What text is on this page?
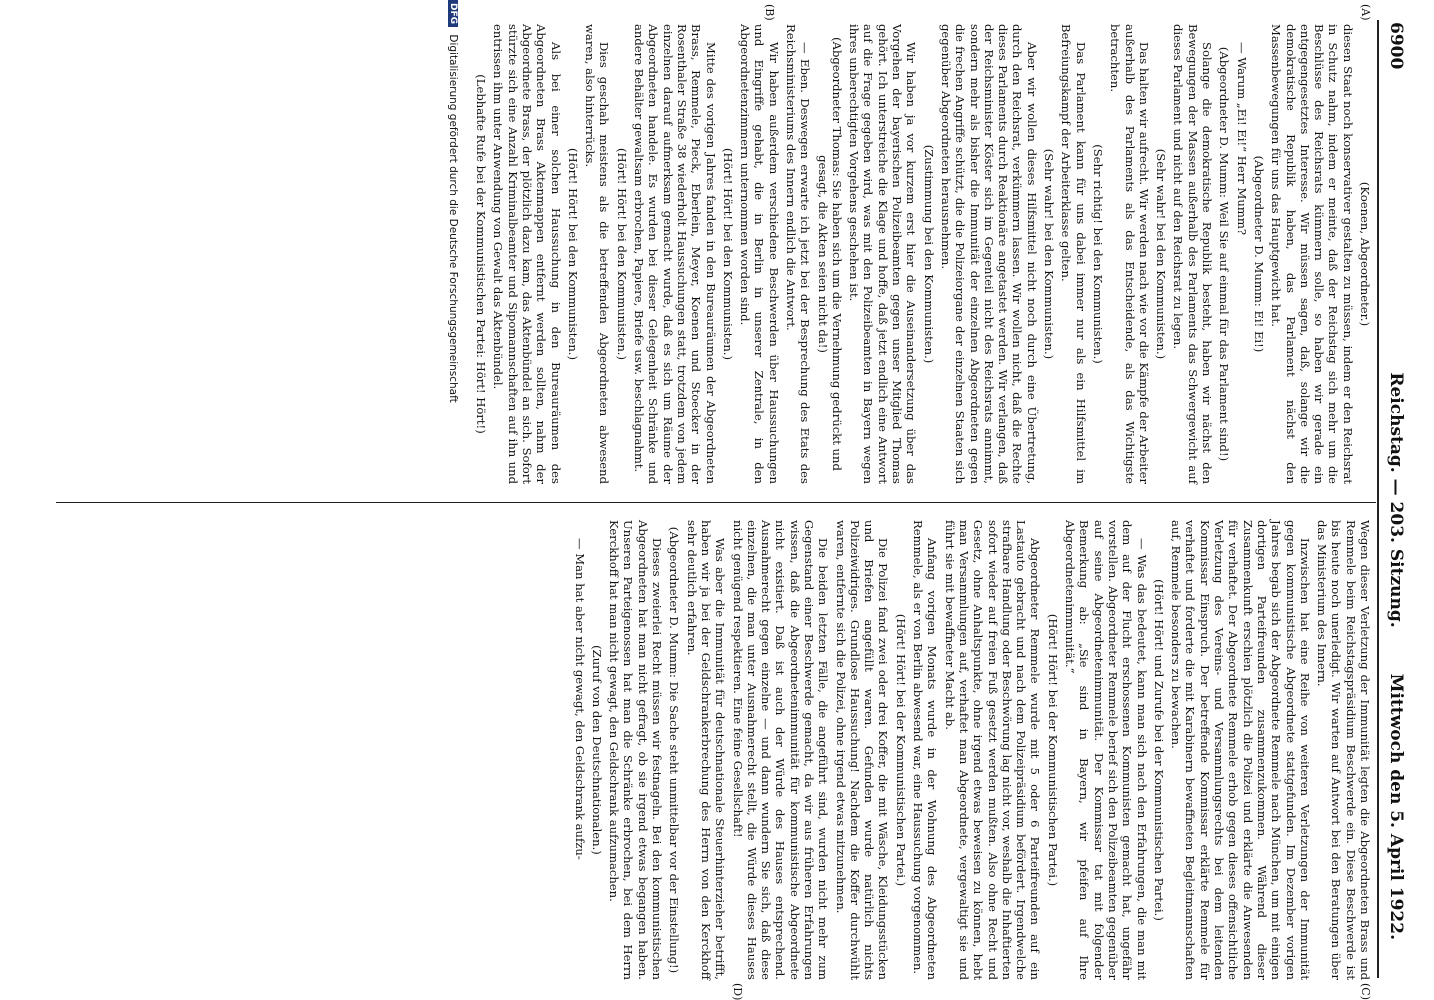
6900
Reichstag. — 203. Sitzung.
Mittwoch den 5. April 1922.
(A)
(B)
(C)
(D)

(Koenen, Abgeordneter.)

diesen Staat noch konservativer gestalten zu müssen, indem er den Reichsrat in Schutz nahm, indem er meinte, daß der Reichstag sich mehr um die Beschlüsse des Reichsrats kümmern solle, so haben wir gerade ein entgegengesetztes Interesse. Wir müssen sagen, daß, solange wir die demokratische Republik haben, das Parlament nächst den Massenbewegungen für uns das Hauptgewicht hat.

(Abgeordneter D. Mumm: Ei! Ei!)

— Warum „Ei! Ei!“ Herr Mumm?

(Abgeordneter D. Mumm: Weil Sie auf einmal für das Parlament sind!)

Solange die demokratische Republik besteht, haben wir nächst den Bewegungen der Massen außerhalb des Parlaments das Schwergewicht auf dieses Parlament und nicht auf den Reichsrat zu legen.

(Sehr wahr! bei den Kommunisten.)

Das halten wir aufrecht. Wir werden nach wie vor die Kämpfe der Arbeiter außerhalb des Parlaments als das Entscheidende, als das Wichtigste betrachten.

(Sehr richtig! bei den Kommunisten.)

Das Parlament kann für uns dabei immer nur als ein Hilfsmittel im Befreiungskampf der Arbeiterklasse gelten.

(Sehr wahr! bei den Kommunisten.)

Aber wir wollen dieses Hilfsmittel nicht noch durch eine Übertretung, durch den Reichsrat, verkümmern lassen. Wir wollen nicht, daß die Rechte dieses Parlaments durch Reaktionäre angetastet werden. Wir verlangen, daß der Reichsminister Köster sich im Gegenteil nicht des Reichsrats annimmt, sondern mehr als bisher die Immunität der einzelnen Abgeordneten gegen die frechen Angriffe schützt, die die Polizeiorgane der einzelnen Staaten sich gegenüber Abgeordneten herausnehmen.

(Zustimmung bei den Kommunisten.)

Wir haben ja vor kurzem erst hier die Auseinandersetzung über das Vorgehen der bayerischen Polizeibeamten gegen unser Mitglied Thomas gehört. Ich unterstreiche die Klage und hoffe, daß jetzt endlich eine Antwort auf die Frage gegeben wird, was mit den Polizeibeamten in Bayern wegen ihres unberechtigten Vorgehens geschehen ist.

(Abgeordneter Thomas: Sie haben sich um die Vernehmung gedrückt und gesagt, die Akten seien nicht da!)

— Eben. Deswegen erwarte ich jetzt bei der Besprechung des Etats des Reichsministeriums des Innern endlich die Antwort.

Wir haben außerdem verschiedene Beschwerden über Haussuchungen und Eingriffe gehabt, die in Berlin in unserer Zentrale, in den Abgeordnetenzimmern unternommen worden sind.

(Hört! Hört! bei den Kommunisten.)

Mitte des vorigen Jahres fanden in den Bureauräumen der Abgeordneten Brass, Remmele, Pieck, Eberlein, Meyer, Koenen und Stoecker in der Rosenthaler Straße 38 wiederholt Haussuchungen statt, trotzdem von jedem einzelnen darauf aufmerksam gemacht wurde, daß es sich um Räume der Abgeordneten handele. Es wurden bei dieser Gelegenheit Schränke und andere Behälter gewaltsam erbrochen, Papiere, Briefe usw. beschlagnahmt.

(Hört! Hört! bei den Kommunisten.)

Dies geschah meistens als die betreffenden Abgeordneten abwesend waren, also hinterrücks.

(Hört! Hört! bei den Kommunisten.)

Als bei einer solchen Haussuchung in den Bureauräumen des Abgeordneten Brass Aktenmappen entfernt werden sollten, nahm der Abgeordnete Brass, der plötzlich dazu kam, das Aktenbündel an sich. Sofort stürzte sich eine Anzahl Kriminalbeamter und Sipomannschaften auf ihn und entrissen ihm unter Anwendung von Gewalt das Aktenbündel.

(Lebhafte Rufe bei der Kommunistischen Partei: Hört! Hört!)

Wegen dieser Verletzung der Immunität legten die Abgeordneten Brass und Remmele beim Reichstagspräsidium Beschwerde ein. Diese Beschwerde ist bis heute noch unerledigt. Wir warten auf Antwort bei den Beratungen über das Ministerium des Innern.

Inzwischen hat eine Reihe von weiteren Verletzungen der Immunität gegen kommunistische Abgeordnete stattgefunden. Im Dezember vorigen Jahres begab sich der Abgeordnete Remmele nach München, um mit einigen dortigen Parteifreunden zusammenzukommen. Während dieser Zusammenkunft erschien plötzlich die Polizei und erklärte die Anwesenden für verhaftet. Der Abgeordnete Remmele erhob gegen dieses offensichtliche Verletzung des Vereins- und Versammlungsrechts bei dem leitenden Kommissar Einspruch. Der betreffende Kommissar erklärte Remmele für verhaftet und forderte die mit Karabinern bewaffneten Begleitmannschaften auf, Remmele besonders zu bewachen.

(Hört! Hört! und Zurufe bei der Kommunistischen Partei.)

— Was das bedeutet, kann man sich nach den Erfahrungen, die man mit dem auf der Flucht erschossenen Kommunisten gemacht hat, ungefähr vorstellen. Abgeordneter Remmele berief sich den Polizeibeamten gegenüber auf seine Abgeordnetenimmunität. Der Kommissar tat mit folgender Bemerkung ab: „Sie sind in Bayern, wir pfeifen auf Ihre Abgeordnetenimmunität.“

(Hört! Hört! bei der Kommunistischen Partei.)

Abgeordneter Remmele wurde mit 5 oder 6 Parteifreunden auf ein Lastauto gebracht und nach dem Polizeipräsidium befördert. Irgendwelche strafbare Handlung oder Beschwörung lag nicht vor, weshalb die Inhaftierten sofort wieder auf freien Fuß gesetzt werden mußten. Also ohne Recht und Gesetz, ohne Anhaltspunkte, ohne irgend etwas beweisen zu können, hebt man Versammlungen auf, verhaftet man Abgeordnete, vergewaltigt sie und führt sie mit bewaffneter Macht ab.

Anfang vorigen Monats wurde in der Wohnung des Abgeordneten Remmele, als er von Berlin abwesend war, eine Haussuchung vorgenommen.

(Hört! Hört! bei der Kommunistischen Partei.)

Die Polizei fand zwei oder drei Koffer, die mit Wäsche, Kleidungsstücken und Briefen angefüllt waren. Gefunden wurde natürlich nichts Polizeiwidriges. Grundlose Haussuchung! Nachdem die Koffer durchwühlt waren, entfernte sich die Polizei, ohne irgend etwas mitzunehmen.

Die beiden letzten Fälle, die angeführt sind, wurden nicht mehr zum Gegenstand einer Beschwerde gemacht, da wir aus früheren Erfahrungen wissen, daß die Abgeordnetenimmunität für kommunistische Abgeordnete nicht existiert. Daß ist auch der Würde des Hauses entsprechend. Ausnahmerecht gegen einzelne — und dann wundern Sie sich, daß diese einzelnen, die man unter Ausnahmerecht stellt, die Würde dieses Hauses nicht genügend respektieren. Eine feine Gesellschaft!

Was aber die Immunität für deutschnationale Steuerhinterzieher betrifft, haben wir ja bei der Geldschrankerbrechung des Herrn von den Kerckhoff sehr deutlich erfahren.

(Abgeordneter D. Mumm: Die Sache steht unmittelbar vor der Einstellung!)

Dieses zweierlei Recht müssen wir festnageln. Bei den kommunistischen Abgeordneten hat man nicht gefragt, ob sie irgend etwas begangen haben. Unseren Parteigenossen hat man die Schränke erbrochen, bei dem Herrn Kerckhoff hat man nicht gewagt, den Geldschrank aufzumachen.

(Zuruf von den Deutschnationalen.)

— Man hat aber nicht gewagt, den Geldschrank aufzu-

DFG Digitalisierung gefördert durch die Deutsche Forschungsgemeinschaft
